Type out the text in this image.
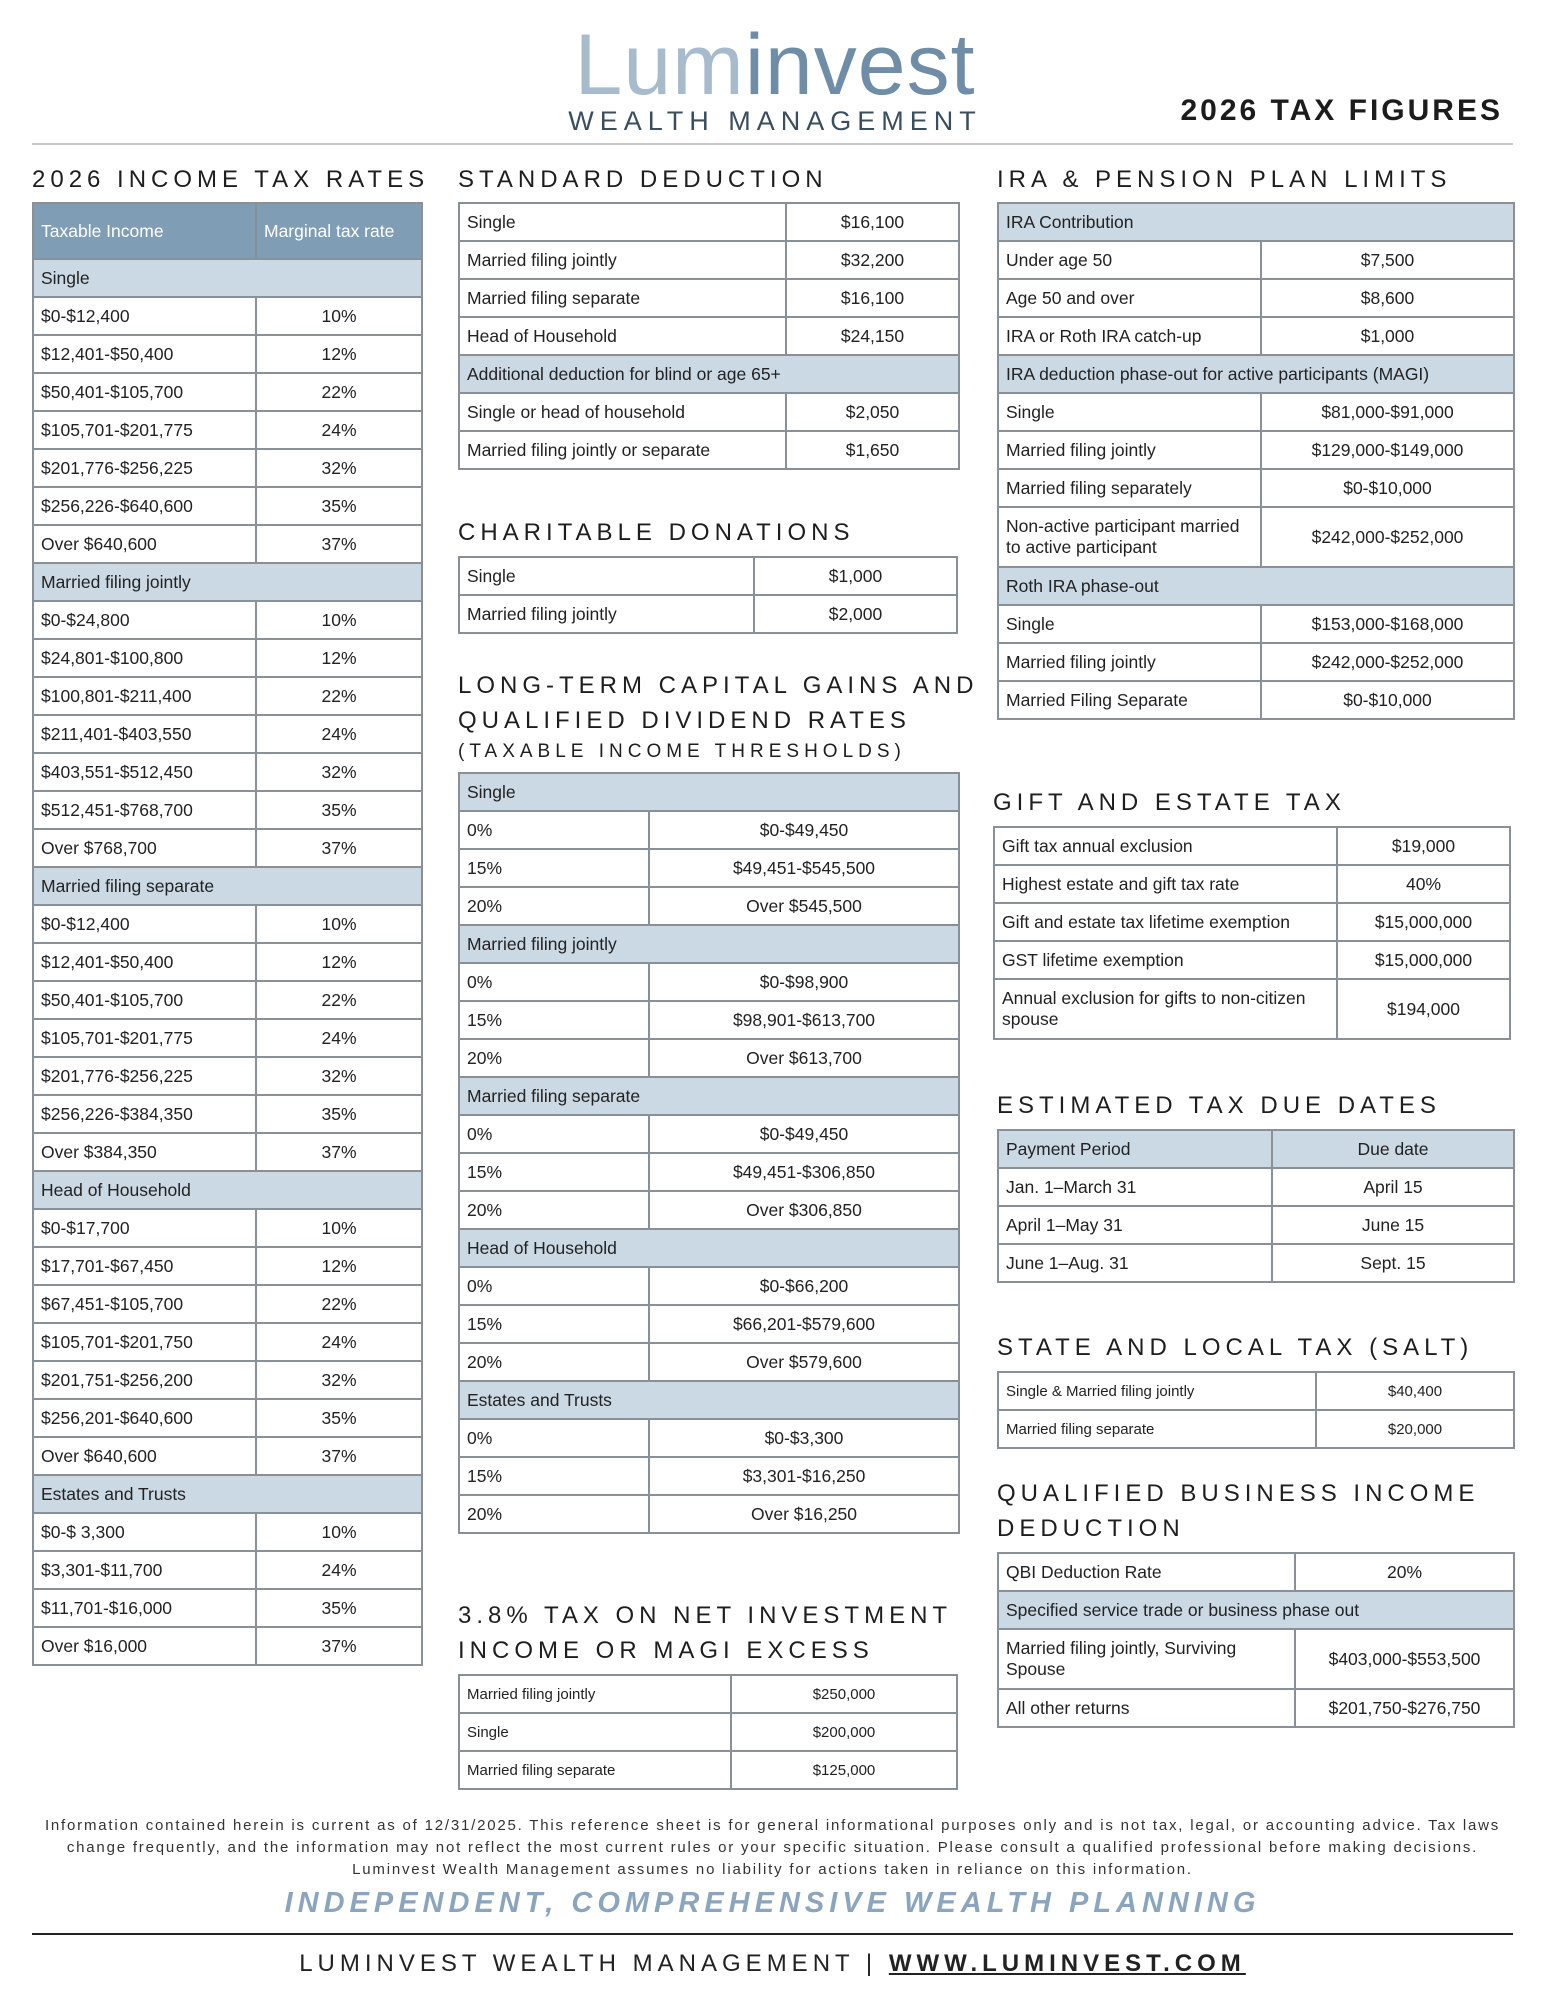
Luminvest
WEALTH MANAGEMENT	2026 TAX FIGURES
2026 INCOME TAX RATES
Taxable Income	Marginal tax rate
Single	
$0-$12,400	10%
$12,401-$50,400	12%
$50,401-$105,700	22%
$105,701-$201,775	24%
$201,776-$256,225	32%
$256,226-$640,600	35%
Over $640,600	37%
Married filing jointly	
$0-$24,800	10%
$24,801-$100,800	12%
$100,801-$211,400	22%
$211,401-$403,550	24%
$403,551-$512,450	32%
$512,451-$768,700	35%
Over $768,700	37%
Married filing separate	
$0-$12,400	10%
$12,401-$50,400	12%
$50,401-$105,700	22%
$105,701-$201,775	24%
$201,776-$256,225	32%
$256,226-$384,350	35%
Over $384,350	37%
Head of Household	
$0-$17,700	10%
$17,701-$67,450	12%
$67,451-$105,700	22%
$105,701-$201,750	24%
$201,751-$256,200	32%
$256,201-$640,600	35%
Over $640,600	37%
Estates and Trusts	
$0-$ 3,300	10%
$3,301-$11,700	24%
$11,701-$16,000	35%
Over $16,000	37%
STANDARD DEDUCTION
Single	$16,100
Married filing jointly	$32,200
Married filing separate	$16,100
Head of Household	$24,150
Additional deduction for blind or age 65+	
Single or head of household	$2,050
Married filing jointly or separate	$1,650
CHARITABLE DONATIONS
Single	$1,000
Married filing jointly	$2,000
LONG-TERM CAPITAL GAINS AND
QUALIFIED DIVIDEND RATES
(TAXABLE INCOME THRESHOLDS)
Single	
0%	$0-$49,450
15%	$49,451-$545,500
20%	Over $545,500
Married filing jointly	
0%	$0-$98,900
15%	$98,901-$613,700
20%	Over $613,700
Married filing separate	
0%	$0-$49,450
15%	$49,451-$306,850
20%	Over $306,850
Head of Household	
0%	$0-$66,200
15%	$66,201-$579,600
20%	Over $579,600
Estates and Trusts	
0%	$0-$3,300
15%	$3,301-$16,250
20%	Over $16,250
3.8% TAX ON NET INVESTMENT
INCOME OR MAGI EXCESS
Married filing jointly	$250,000
Single	$200,000
Married filing separate	$125,000
IRA & PENSION PLAN LIMITS
IRA Contribution	
Under age 50	$7,500
Age 50 and over	$8,600
IRA or Roth IRA catch-up	$1,000
IRA deduction phase-out for active participants (MAGI)	
Single	$81,000-$91,000
Married filing jointly	$129,000-$149,000
Married filing separately	$0-$10,000
Non-active participant married to active participant	$242,000-$252,000
Roth IRA phase-out	
Single	$153,000-$168,000
Married filing jointly	$242,000-$252,000
Married Filing Separate	$0-$10,000
GIFT AND ESTATE TAX
Gift tax annual exclusion	$19,000
Highest estate and gift tax rate	40%
Gift and estate tax lifetime exemption	$15,000,000
GST lifetime exemption	$15,000,000
Annual exclusion for gifts to non-citizen spouse	$194,000
ESTIMATED TAX DUE DATES
Payment Period	Due date
Jan. 1–March 31	April 15
April 1–May 31	June 15
June 1–Aug. 31	Sept. 15
STATE AND LOCAL TAX (SALT)
Single & Married filing jointly	$40,400
Married filing separate	$20,000
QUALIFIED BUSINESS INCOME
DEDUCTION
QBI Deduction Rate	20%
Specified service trade or business phase out	
Married filing jointly, Surviving Spouse	$403,000-$553,500
All other returns	$201,750-$276,750
Information contained herein is current as of 12/31/2025. This reference sheet is for general informational purposes only and is not tax, legal, or accounting advice. Tax laws change frequently, and the information may not reflect the most current rules or your specific situation. Please consult a qualified professional before making decisions. Luminvest Wealth Management assumes no liability for actions taken in reliance on this information.
INDEPENDENT, COMPREHENSIVE WEALTH PLANNING
LUMINVEST WEALTH MANAGEMENT | WWW.LUMINVEST.COM
